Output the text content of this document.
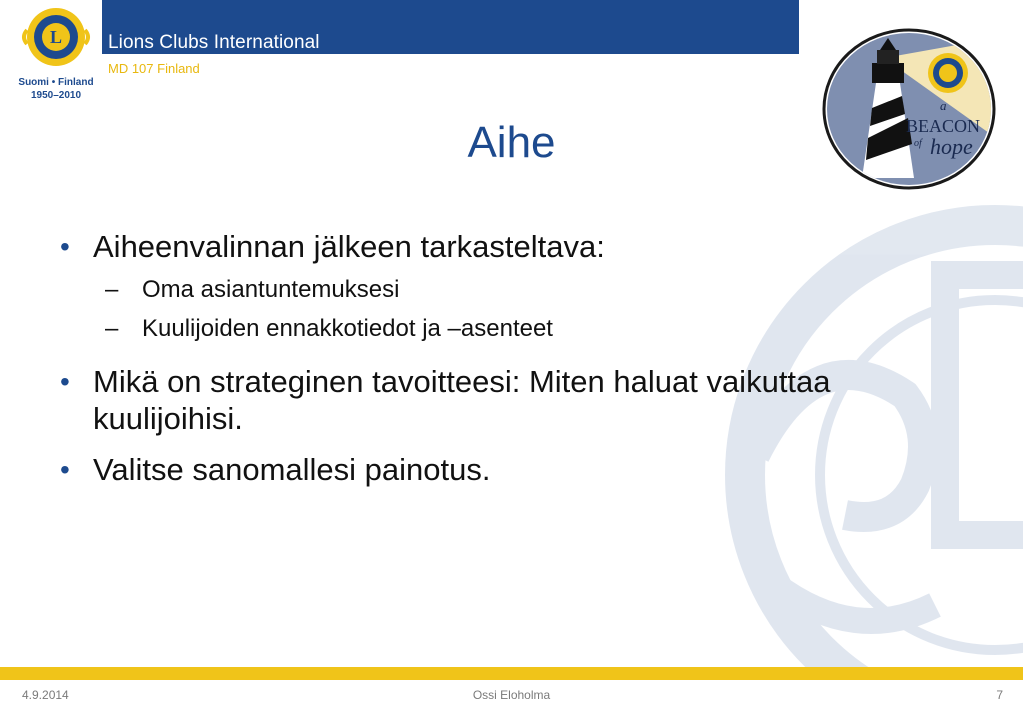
Lions Clubs International
MD 107 Finland
L
Suomi • Finland
1950–2010
a
BEACON
of hope
Aihe
• Aiheenvalinnan jälkeen tarkasteltava:
– Oma asiantuntemuksesi
– Kuulijoiden ennakkotiedot ja –asenteet
• Mikä on strateginen tavoitteesi: Miten haluat vaikuttaa kuulijoihisi.
• Valitse sanomallesi painotus.
4.9.2014	Ossi Eloholma	7
